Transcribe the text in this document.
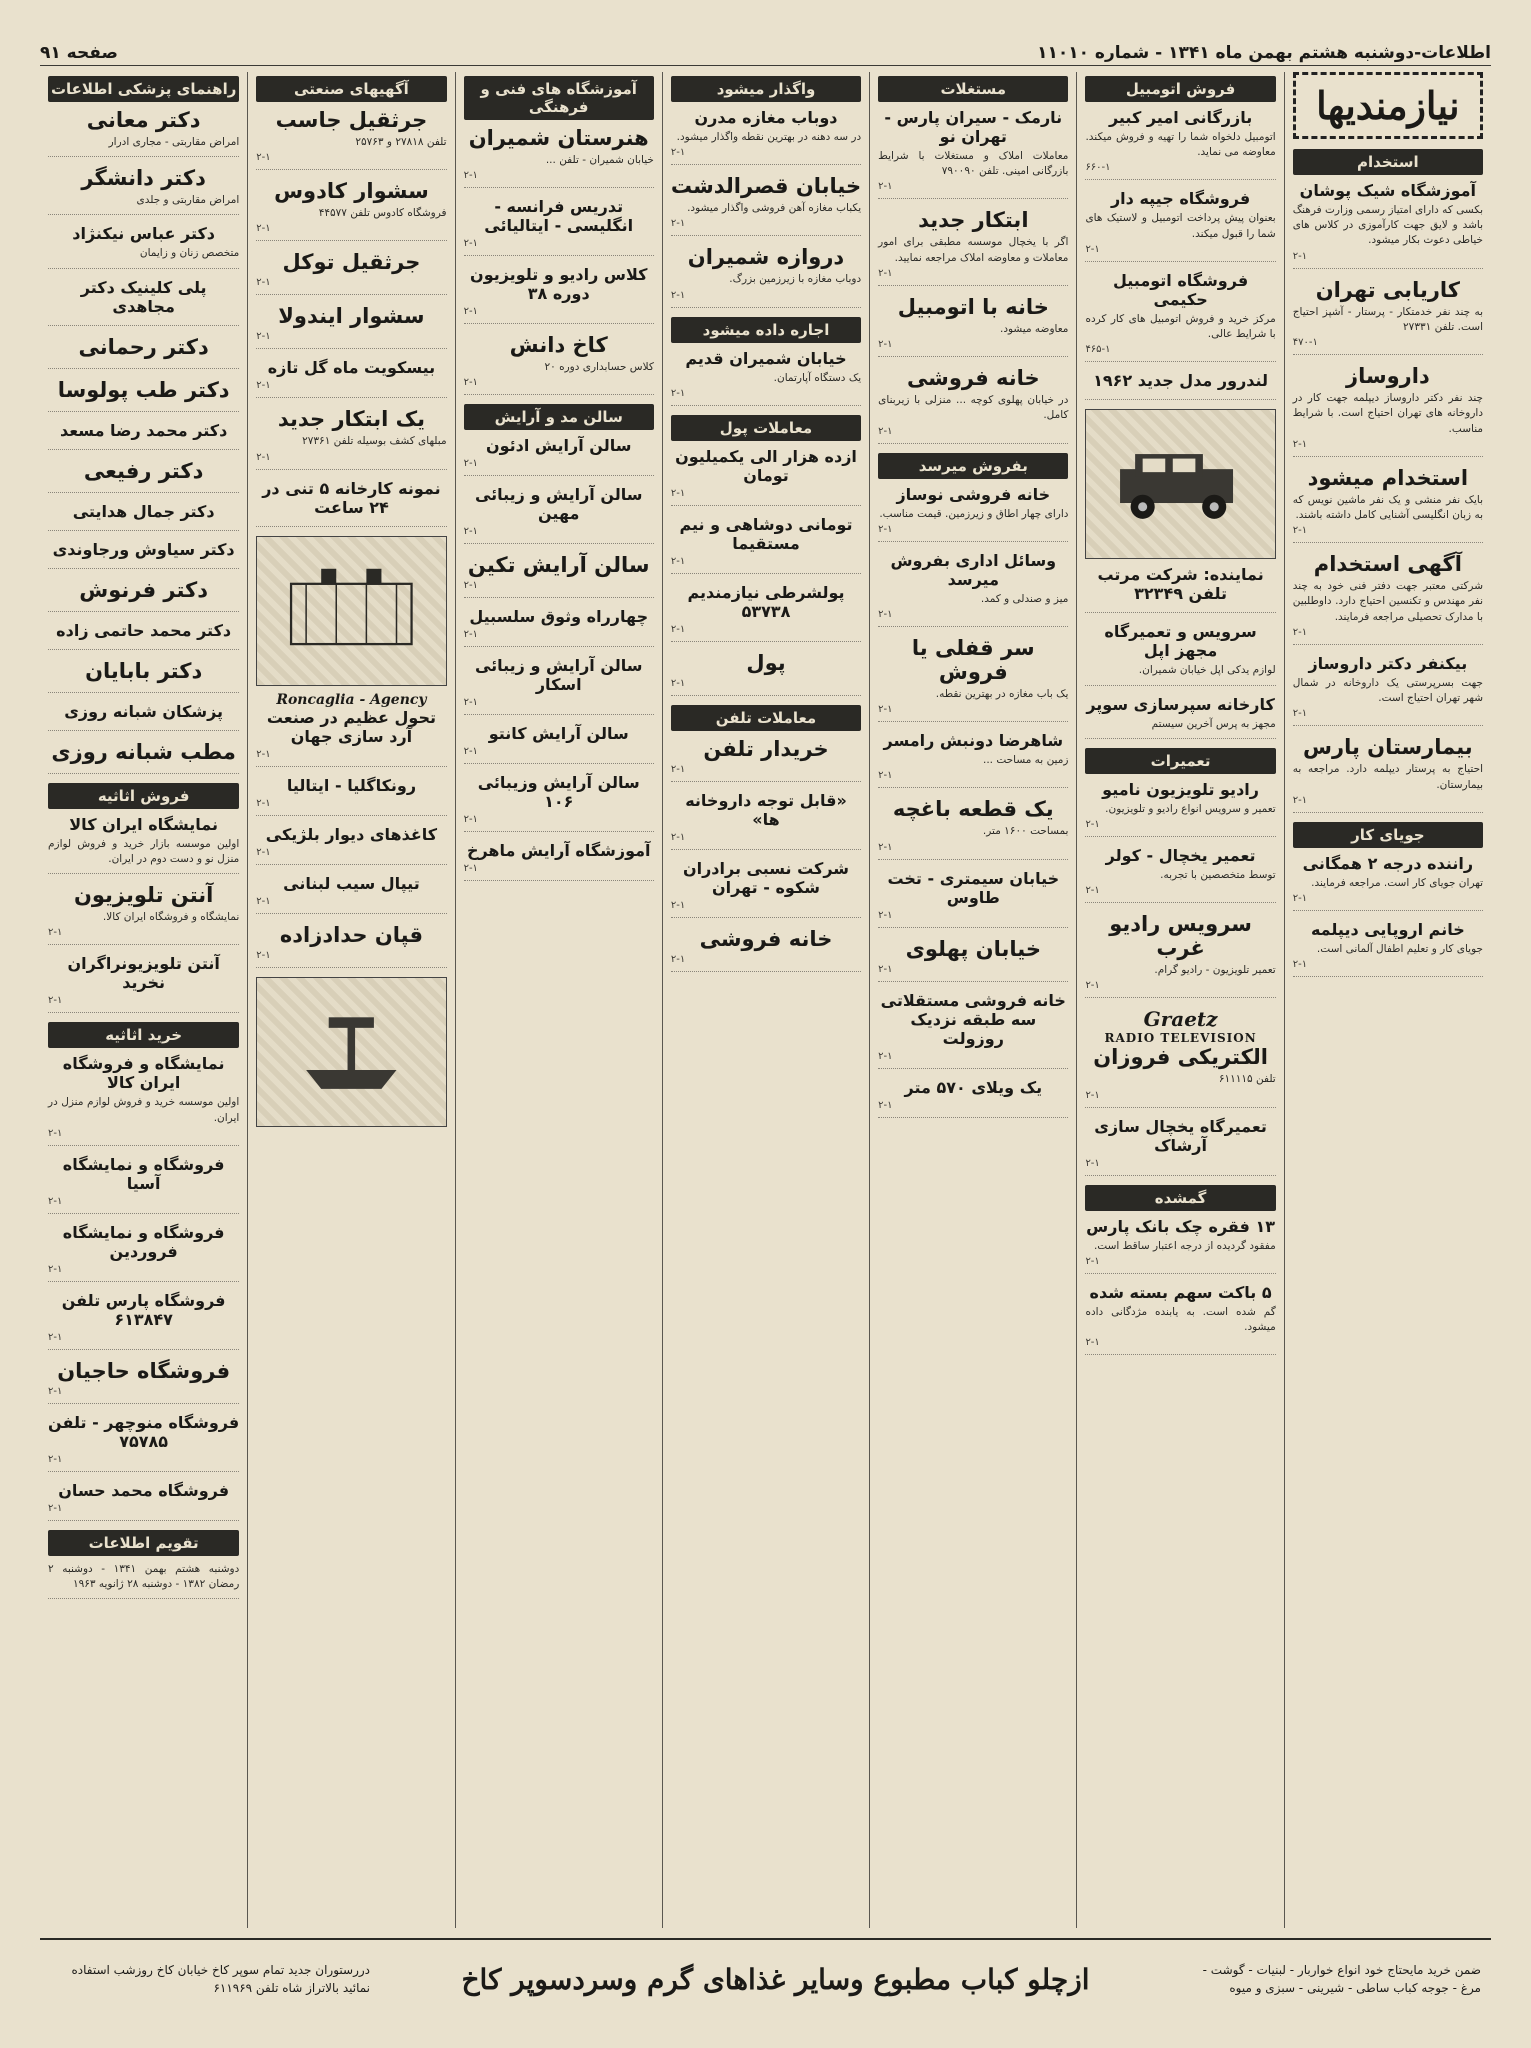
اطلاعات-دوشنبه هشتم بهمن ماه ۱۳۴۱ - شماره ۱۱۰۱۰
صفحه ۹۱
نیازمندیها
استخدام
آموزشگاه شیک پوشان
بکسی که دارای امتیاز رسمی وزارت فرهنگ باشد و لایق جهت کارآموزی در کلاس های خیاطی دعوت بکار میشود.
۲-۱
کاریابی تهران
به چند نفر خدمتکار - پرستار - آشپز احتیاج است. تلفن ۲۷۳۳۱
۴۷۰-۱
داروساز
چند نفر دکتر داروساز دیپلمه جهت کار در داروخانه های تهران احتیاج است. با شرایط مناسب.
۲-۱
استخدام میشود
بایک نفر منشی و یک نفر ماشین نویس که به زبان انگلیسی آشنایی کامل داشته باشند.
۲-۱
آگهی استخدام
شرکتی معتبر جهت دفتر فنی خود به چند نفر مهندس و تکنسین احتیاج دارد. داوطلبین با مدارک تحصیلی مراجعه فرمایند.
۲-۱
بیکنفر دکتر داروساز
جهت بسرپرستی یک داروخانه در شمال شهر تهران احتیاج است.
۲-۱
بیمارستان پارس
احتیاج به پرستار دیپلمه دارد. مراجعه به بیمارستان.
۲-۱
جویای کار
راننده درجه ۲ همگانی
تهران جویای کار است. مراجعه فرمایند.
۲-۱
خانم اروپایی دیپلمه
جویای کار و تعلیم اطفال آلمانی است.
۲-۱
فروش اتومبیل
بازرگانی امیر کبیر
اتومبیل دلخواه شما را تهیه و فروش میکند. معاوضه می نماید.
۶۶۰-۱
فروشگاه جیپه دار
بعنوان پیش پرداخت اتومبیل و لاستیک های شما را قبول میکند.
۲-۱
فروشگاه اتومبیل حکیمی
مرکز خرید و فروش اتومبیل های کار کرده با شرایط عالی.
۴۶۵-۱
لندرور مدل جدید ۱۹۶۲
نماینده: شرکت مرتب تلفن ۳۲۳۴۹
سرویس و تعمیرگاه مجهز اپل
لوازم یدکی اپل خیابان شمیران.
کارخانه سپرسازی سوپر
مجهز به پرس آخرین سیستم
تعمیرات
رادیو تلویزیون نامیو
تعمیر و سرویس انواع رادیو و تلویزیون.
۲-۱
تعمیر یخچال - کولر
توسط متخصصین با تجربه.
۲-۱
سرویس رادیو غرب
تعمیر تلویزیون - رادیو گرام.
۲-۱
Graetz
RADIO TELEVISION
الکتریکی فروزان
تلفن ۶۱۱۱۱۵
۲-۱
تعمیرگاه یخچال سازی آرشاک
۲-۱
گمشده
۱۳ فقره چک بانک پارس
مفقود گردیده از درجه اعتبار ساقط است.
۲-۱
۵ باکت سهم بسته شده
گم شده است. به یابنده مژدگانی داده میشود.
۲-۱
مستغلات
نارمک - سیران پارس - تهران نو
معاملات املاک و مستغلات با شرایط بازرگانی امینی. تلفن ۷۹۰۰۹۰
۲-۱
ابتکار جدید
اگر با یخچال موسسه مطبقی برای امور معاملات و معاوضه املاک مراجعه نمایید.
۲-۱
خانه با اتومبیل
معاوضه میشود.
۲-۱
خانه فروشی
در خیابان پهلوی کوچه ... منزلی با زیربنای کامل.
۲-۱
بفروش میرسد
خانه فروشی نوساز
دارای چهار اطاق و زیرزمین. قیمت مناسب.
۲-۱
وسائل اداری بفروش میرسد
میز و صندلی و کمد.
۲-۱
سر قفلی یا فروش
یک باب مغازه در بهترین نقطه.
۲-۱
شاهرضا دونبش رامسر
زمین به مساحت ...
۲-۱
یک قطعه باغچه
بمساحت ۱۶۰۰ متر.
۲-۱
خیابان سیمتری - تخت طاوس
۲-۱
خیابان پهلوی
۲-۱
خانه فروشی مستقلاتی سه طبقه نزدیک روزولت
۲-۱
یک ویلای ۵۷۰ متر
۲-۱
واگذار میشود
دوباب مغازه مدرن
در سه دهنه در بهترین نقطه واگذار میشود.
۲-۱
خیابان قصرالدشت
یکباب مغازه آهن فروشی واگذار میشود.
۲-۱
دروازه شمیران
دوباب مغازه با زیرزمین بزرگ.
۲-۱
اجاره داده میشود
خیابان شمیران قدیم
یک دستگاه آپارتمان.
۲-۱
معاملات پول
ازده هزار الی یکمیلیون تومان
۲-۱
تومانی دوشاهی و نیم مستقیما
۲-۱
پولشرطی نیازمندیم ۵۳۷۳۸
۲-۱
پول
۲-۱
معاملات تلفن
خریدار تلفن
۲-۱
«قابل توجه داروخانه ها»
۲-۱
شرکت نسبی برادران شکوه - تهران
۲-۱
خانه فروشی
۲-۱
آموزشگاه های فنی و فرهنگی
هنرستان شمیران
خیابان شمیران - تلفن ...
۲-۱
تدریس فرانسه - انگلیسی - ایتالیائی
۲-۱
کلاس رادیو و تلویزیون دوره ۳۸
۲-۱
کاخ دانش
کلاس حسابداری دوره ۲۰
۲-۱
سالن مد و آرایش
سالن آرایش ادئون
۲-۱
سالن آرایش و زیبائی مهین
۲-۱
سالن آرایش تکین
۲-۱
چهارراه وثوق سلسبیل
۲-۱
سالن آرایش و زیبائی اسکار
۲-۱
سالن آرایش کانتو
۲-۱
سالن آرایش وزیبائی ۱۰۶
۲-۱
آموزشگاه آرایش ماهرخ
۲-۱
آگهیهای صنعتی
جرثقیل جاسب
تلفن ۲۷۸۱۸ و ۲۵۷۶۳
۲-۱
سشوار کادوس
فروشگاه کادوس تلفن ۴۴۵۷۷
۲-۱
جرثقیل توکل
۲-۱
سشوار ایندولا
۲-۱
بیسکویت ماه گل تازه
۲-۱
یک ابتکار جدید
مبلهای کشف بوسیله تلفن ۲۷۳۶۱
۲-۱
نمونه کارخانه ۵ تنی در ۲۴ ساعت
Roncaglia - Agency
تحول عظیم در صنعت آرد سازی جهان
۲-۱
رونکاگلیا - ایتالیا
۲-۱
کاغذهای دیوار بلژیکی
۲-۱
تیپال سیب لبنانی
۲-۱
قپان حدادزاده
۲-۱
راهنمای پزشکی اطلاعات
دکتر معانی
امراض مقاربتی - مجاری ادرار
دکتر دانشگر
امراض مقاربتی و جلدی
دکتر عباس نیکنژاد
متخصص زنان و زایمان
پلی کلینیک دکتر مجاهدی
دکتر رحمانی
دکتر طب پولوسا
دکتر محمد رضا مسعد
دکتر رفیعی
دکتر جمال هدایتی
دکتر سیاوش ورجاوندی
دکتر فرنوش
دکتر محمد حاتمی زاده
دکتر بابایان
پزشکان شبانه روزی
مطب شبانه روزی
فروش اثاثیه
نمایشگاه ایران کالا
اولین موسسه بازار خرید و فروش لوازم منزل نو و دست دوم در ایران.
آنتن تلویزیون
نمایشگاه و فروشگاه ایران کالا.
۲-۱
آنتن تلویزیونراگران نخرید
۲-۱
خرید اثاثیه
نمایشگاه و فروشگاه ایران کالا
اولین موسسه خرید و فروش لوازم منزل در ایران.
۲-۱
فروشگاه و نمایشگاه آسیا
۲-۱
فروشگاه و نمایشگاه فروردین
۲-۱
فروشگاه پارس تلفن ۶۱۳۸۴۷
۲-۱
فروشگاه حاجیان
۲-۱
فروشگاه منوچهر - تلفن ۷۵۷۸۵
۲-۱
فروشگاه محمد حسان
۲-۱
تقویم اطلاعات
دوشنبه هشتم بهمن ۱۳۴۱ - دوشنبه ۲ رمضان ۱۳۸۲ - دوشنبه ۲۸ ژانویه ۱۹۶۳
ضمن خرید مایحتاج خود انواع خواربار - لبنیات - گوشت - مرغ - جوجه کباب ساطی - شیرینی - سبزی و میوه
ازچلو کباب مطبوع وسایر غذاهای گرم وسردسوپر کاخ
دررستوران جدید تمام سوپر کاخ خیابان کاخ روزشب استفاده نمائید بالاتراز شاه تلفن ۶۱۱۹۶۹
